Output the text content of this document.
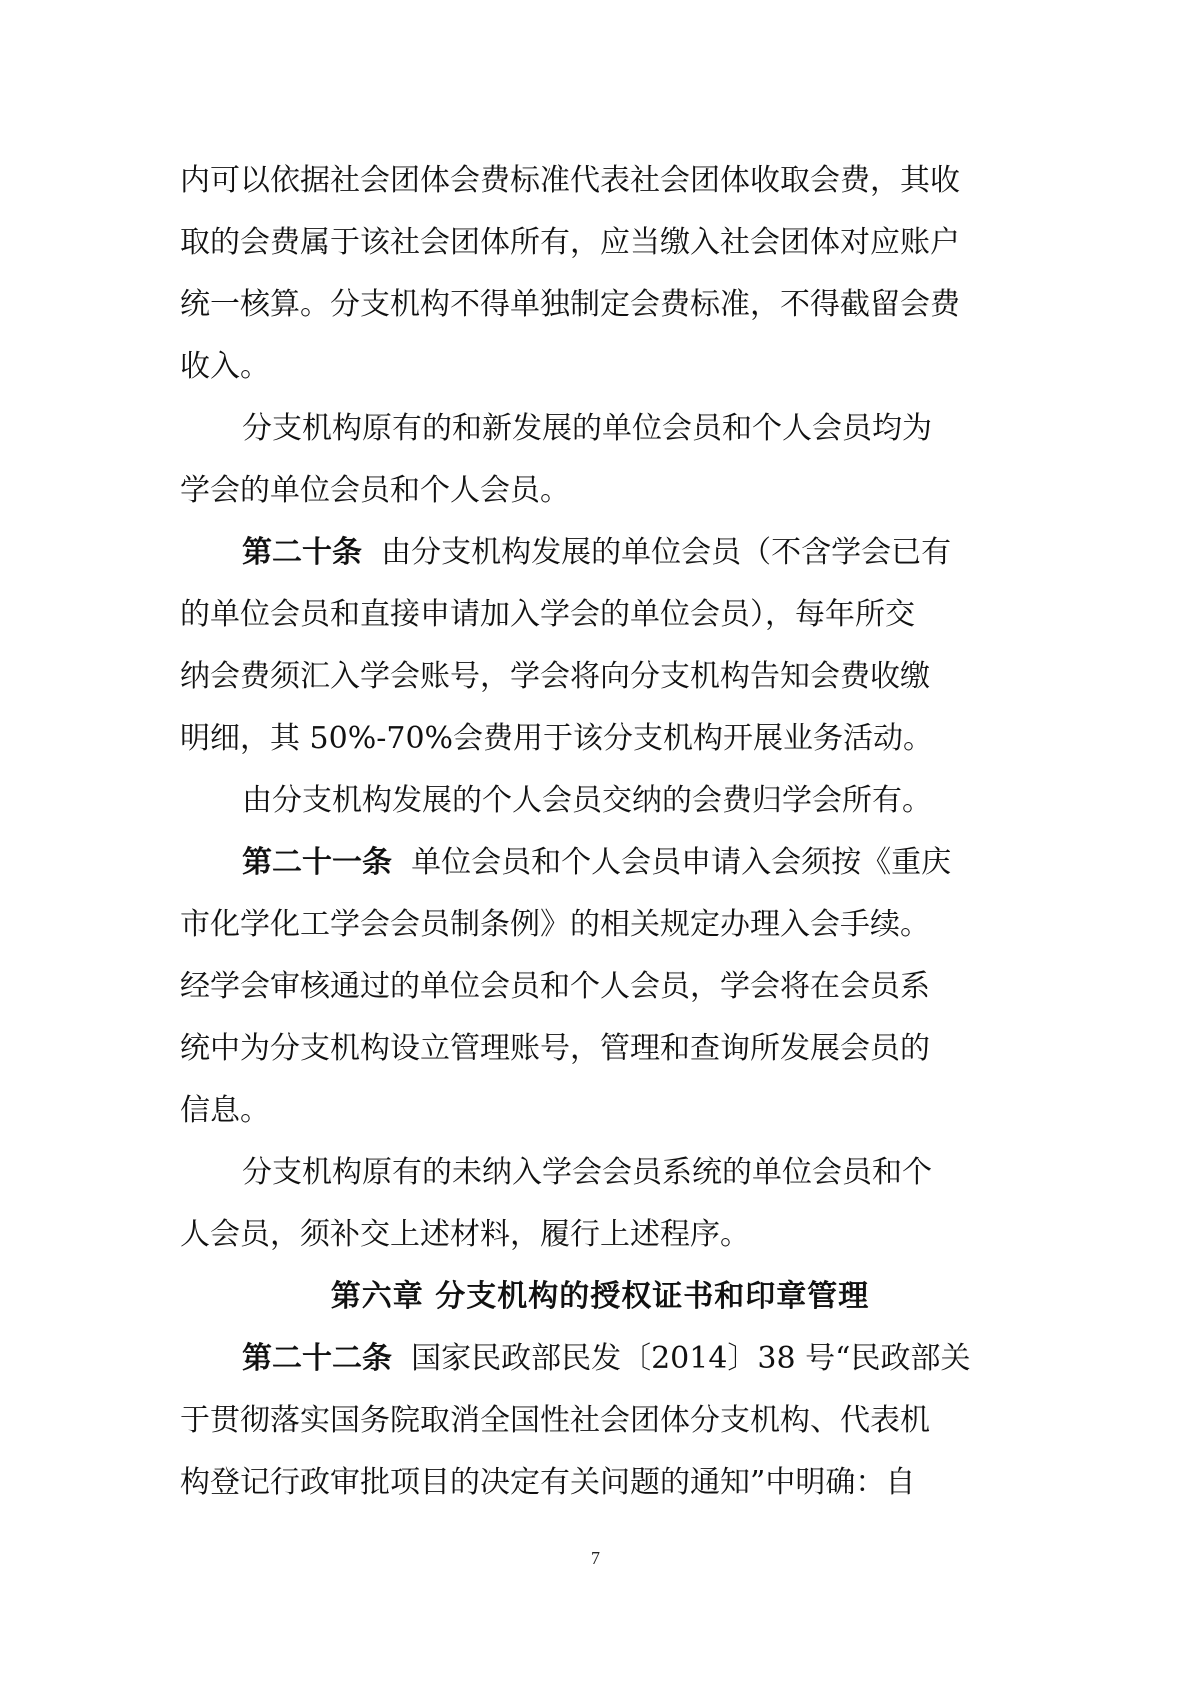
内可以依据社会团体会费标准代表社会团体收取会费，其收
取的会费属于该社会团体所有，应当缴入社会团体对应账户
统一核算。分支机构不得单独制定会费标准，不得截留会费
收入。
分支机构原有的和新发展的单位会员和个人会员均为
学会的单位会员和个人会员。
第二十条 由分支机构发展的单位会员（不含学会已有
的单位会员和直接申请加入学会的单位会员），每年所交
纳会费须汇入学会账号，学会将向分支机构告知会费收缴
明细，其 50%-70%会费用于该分支机构开展业务活动。
由分支机构发展的个人会员交纳的会费归学会所有。
第二十一条 单位会员和个人会员申请入会须按《重庆
市化学化工学会会员制条例》的相关规定办理入会手续。
经学会审核通过的单位会员和个人会员，学会将在会员系
统中为分支机构设立管理账号，管理和查询所发展会员的
信息。
分支机构原有的未纳入学会会员系统的单位会员和个
人会员，须补交上述材料，履行上述程序。
第六章 分支机构的授权证书和印章管理
第二十二条 国家民政部民发〔2014〕38 号“民政部关
于贯彻落实国务院取消全国性社会团体分支机构、代表机
构登记行政审批项目的决定有关问题的通知”中明确：自
7
